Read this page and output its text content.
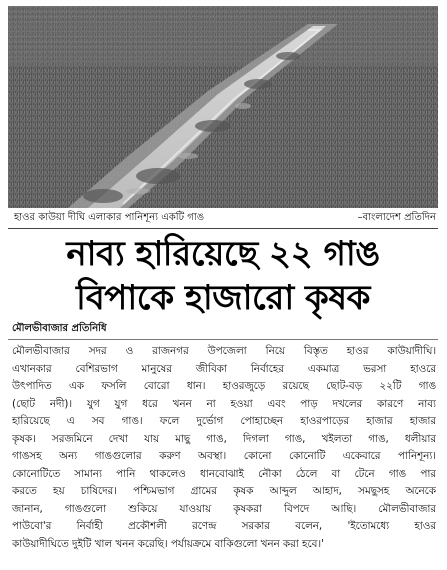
হাওর কাউয়া দীঘি এলাকার পানিশূন্য একটি গাঙ	–বাংলাদেশ প্রতিদিন
নাব্য হারিয়েছে ২২ গাঙ
বিপাকে হাজারো কৃষক
মৌলভীবাজার প্রতিনিধি
মৌলভীবাজার সদর ও রাজনগর উপজেলা নিয়ে বিস্তৃত হাওর কাউয়াদীঘি।
এখানকার বেশিরভাগ মানুষের জীবিকা নির্বাহের একমাত্র ভরসা হাওরে
উৎপাদিত এক ফসলি বোরো ধান। হাওরজুড়ে রয়েছে ছোট-বড় ২২টি গাঙ
(ছোট নদী)। যুগ যুগ ধরে খনন না হওয়া এবং পাড় দখলের কারণে নাব্য
হারিয়েছে এ সব গাঙ। ফলে দুর্ভোগ পোহাচ্ছেন হাওরপাড়ের হাজার হাজার
কৃষক। সরজমিনে দেখা যায় মাছু গাঙ, দিগলা গাঙ, খইলতা গাঙ, ধলীয়ার
গাঙসহ অন্য গাঙগুলোর করুণ অবস্থা। কোনো কোনোটি একেবারে পানিশূন্য।
কোনোটিতে সামান্য পানি থাকলেও ধানবোঝাই নৌকা ঠেলে বা টেনে গাঙ পার
করতে হয় চাষিদের। পশ্চিমভাগ গ্রামের কৃষক আব্দুল আহাদ, সমছুসহ অনেকে
জানান, গাঙগুলো শুকিয়ে যাওয়ায় কৃষকরা বিপদে আছি। মৌলভীবাজার
পাউবো'র নির্বাহী প্রকৌশলী রণেন্দ্র সরকার বলেন, 'ইতোমধ্যে হাওর
কাউয়াদীঘিতে দুইটি খাল খনন করেছি। পর্যায়ক্রমে বাকিগুলো খনন করা হবে।'
